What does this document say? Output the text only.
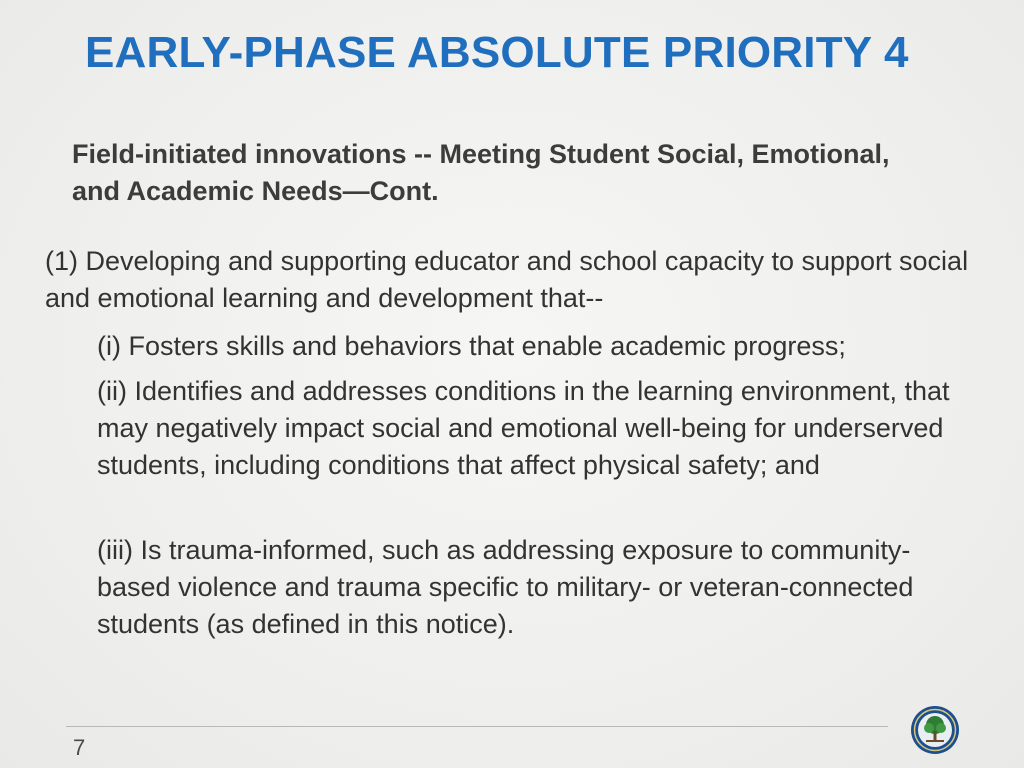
EARLY-PHASE ABSOLUTE PRIORITY 4
Field-initiated innovations -- Meeting Student Social, Emotional, and Academic Needs—Cont.
(1) Developing and supporting educator and school capacity to support social and emotional learning and development that--
(i) Fosters skills and behaviors that enable academic progress;
(ii) Identifies and addresses conditions in the learning environment, that may negatively impact social and emotional well-being for underserved students, including conditions that affect physical safety; and
(iii) Is trauma-informed, such as addressing exposure to community-based violence and trauma specific to military- or veteran-connected students (as defined in this notice).
7
